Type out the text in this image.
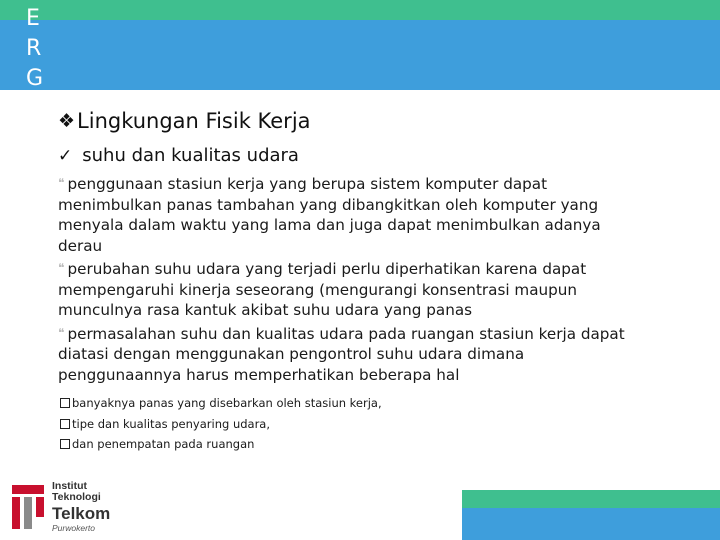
E
R
G
❖ Lingkungan Fisik Kerja
✓ suhu dan kualitas udara
❝ penggunaan stasiun kerja yang berupa sistem komputer dapat menimbulkan panas tambahan yang dibangkitkan oleh komputer yang menyala dalam waktu yang lama dan juga dapat menimbulkan adanya derau
❝ perubahan suhu udara yang terjadi perlu diperhatikan karena dapat mempengaruhi kinerja seseorang (mengurangi konsentrasi maupun munculnya rasa kantuk akibat suhu udara yang panas
❝ permasalahan suhu dan kualitas udara pada ruangan stasiun kerja dapat diatasi dengan menggunakan pengontrol suhu udara dimana penggunaannya harus memperhatikan beberapa hal
banyaknya panas yang disebarkan oleh stasiun kerja,
tipe dan kualitas penyaring udara,
dan penempatan pada ruangan
Institut
Teknologi
Telkom
Purwokerto
